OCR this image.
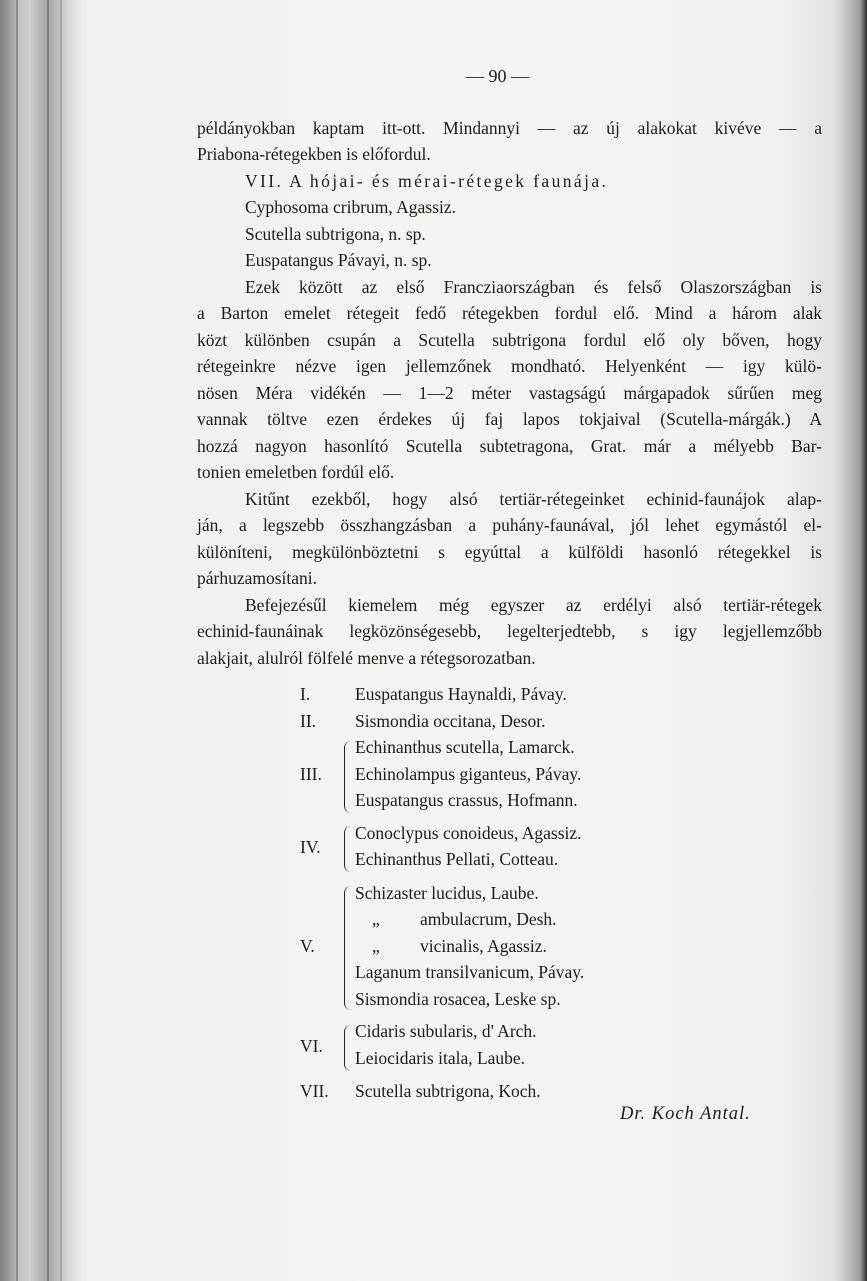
— 90 —
példányokban kaptam itt-ott. Mindannyi — az új alakokat kivéve — a
Priabona-rétegekben is előfordul.
VII. A hójai- és mérai-rétegek faunája.
Cyphosoma cribrum, Agassiz.
Scutella subtrigona, n. sp.
Euspatangus Pávayi, n. sp.
Ezek között az első Francziaországban és felső Olaszországban is
a Barton emelet rétegeit fedő rétegekben fordul elő. Mind a három alak
közt különben csupán a Scutella subtrigona fordul elő oly bőven, hogy
rétegeinkre nézve igen jellemzőnek mondható. Helyenként — igy külö-
nösen Méra vidékén — 1—2 méter vastagságú márgapadok sűrűen meg
vannak töltve ezen érdekes új faj lapos tokjaival (Scutella-márgák.) A
hozzá nagyon hasonlító Scutella subtetragona, Grat. már a mélyebb Bar-
tonien emeletben fordúl elő.
Kitűnt ezekből, hogy alsó tertiär-rétegeinket echinid-faunájok alap-
ján, a legszebb összhangzásban a puhány-faunával, jól lehet egymástól el-
különíteni, megkülönböztetni s egyúttal a külföldi hasonló rétegekkel is
párhuzamosítani.
Befejezésűl kiemelem még egyszer az erdélyi alsó tertiär-rétegek
echinid-faunáinak legközönségesebb, legelterjedtebb, s igy legjellemzőbb
alakjait, alulról fölfelé menve a rétegsorozatban.
I.	Euspatangus Haynaldi, Pávay.
II. Sismondia occitana, Desor.
III.
Echinanthus scutella, Lamarck.
Echinolampus giganteus, Pávay.
Euspatangus crassus, Hofmann.
IV.
Conoclypus conoideus, Agassiz.
Echinanthus Pellati, Cotteau.
V.
Schizaster lucidus, Laube.
„ ambulacrum, Desh.
„ vicinalis, Agassiz.
Laganum transilvanicum, Pávay.
Sismondia rosacea, Leske sp.
VI.
Cidaris subularis, d' Arch.
Leiocidaris itala, Laube.
VII. Scutella subtrigona, Koch.
Dr. Koch Antal.
